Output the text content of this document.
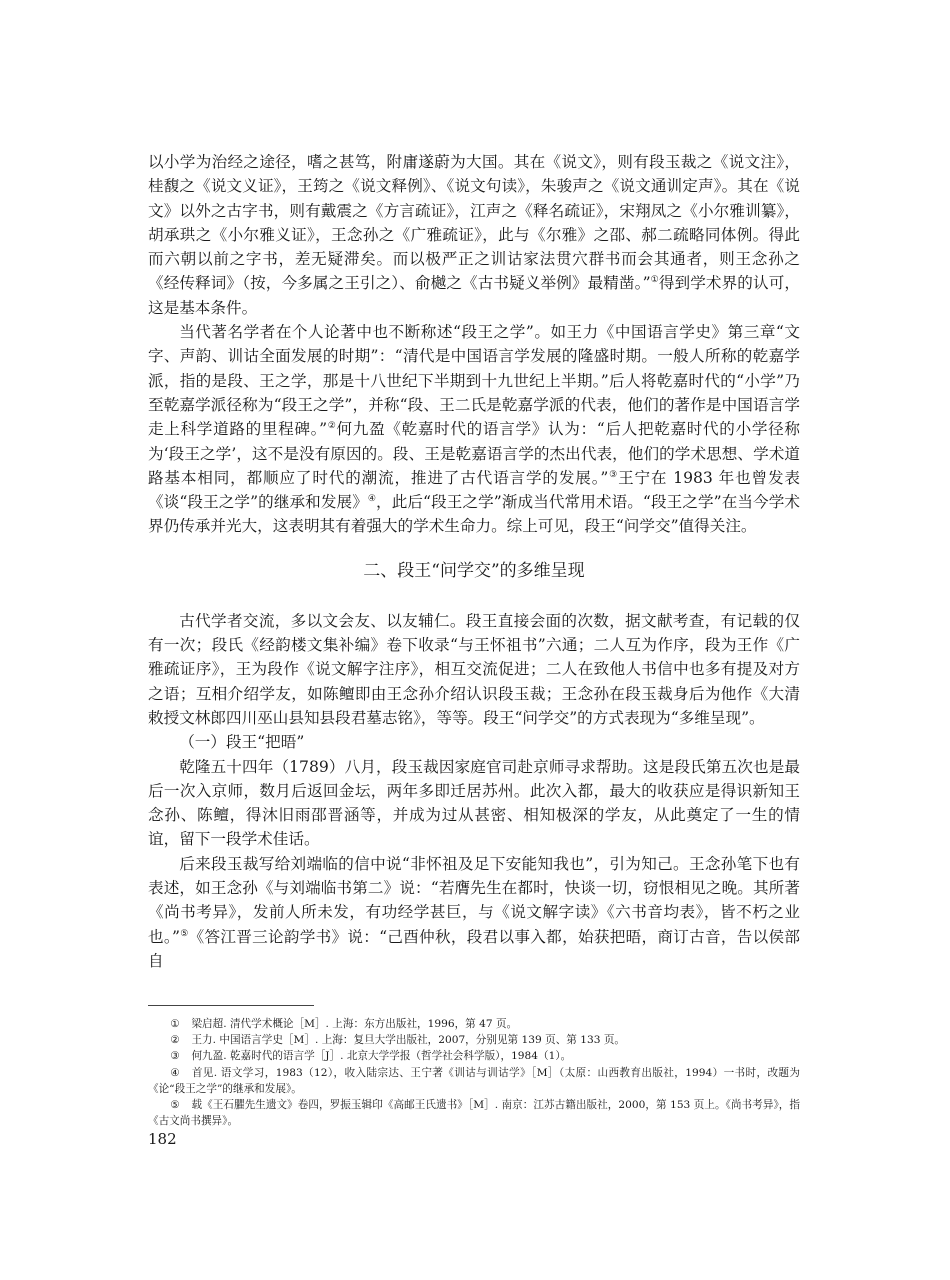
以小学为治经之途径，嗜之甚笃，附庸遂蔚为大国。其在《说文》，则有段玉裁之《说文注》，桂馥之《说文义证》，王筠之《说文释例》、《说文句读》，朱骏声之《说文通训定声》。其在《说文》以外之古字书，则有戴震之《方言疏证》，江声之《释名疏证》，宋翔凤之《小尔雅训纂》，胡承珙之《小尔雅义证》，王念孙之《广雅疏证》，此与《尔雅》之邵、郝二疏略同体例。得此而六朝以前之字书，差无疑滞矣。而以极严正之训诂家法贯穴群书而会其通者，则王念孙之《经传释词》（按，今多属之王引之）、俞樾之《古书疑义举例》最精凿。”①得到学术界的认可，这是基本条件。

当代著名学者在个人论著中也不断称述“段王之学”。如王力《中国语言学史》第三章“文字、声韵、训诂全面发展的时期”：“清代是中国语言学发展的隆盛时期。一般人所称的乾嘉学派，指的是段、王之学，那是十八世纪下半期到十九世纪上半期。”后人将乾嘉时代的“小学”乃至乾嘉学派径称为“段王之学”，并称“段、王二氏是乾嘉学派的代表，他们的著作是中国语言学走上科学道路的里程碑。”②何九盈《乾嘉时代的语言学》认为：“后人把乾嘉时代的小学径称为‘段王之学’，这不是没有原因的。段、王是乾嘉语言学的杰出代表，他们的学术思想、学术道路基本相同，都顺应了时代的潮流，推进了古代语言学的发展。”③王宁在 1983 年也曾发表《谈“段王之学”的继承和发展》④，此后“段王之学”渐成当代常用术语。“段王之学”在当今学术界仍传承并光大，这表明其有着强大的学术生命力。综上可见，段王“问学交”值得关注。

二、段王“问学交”的多维呈现

古代学者交流，多以文会友、以友辅仁。段王直接会面的次数，据文献考查，有记载的仅有一次；段氏《经韵楼文集补编》卷下收录“与王怀祖书”六通；二人互为作序，段为王作《广雅疏证序》，王为段作《说文解字注序》，相互交流促进；二人在致他人书信中也多有提及对方之语；互相介绍学友，如陈鳣即由王念孙介绍认识段玉裁；王念孙在段玉裁身后为他作《大清敕授文林郎四川巫山县知县段君墓志铭》，等等。段王“问学交”的方式表现为“多维呈现”。

（一）段王“把晤”

乾隆五十四年（1789）八月，段玉裁因家庭官司赴京师寻求帮助。这是段氏第五次也是最后一次入京师，数月后返回金坛，两年多即迁居苏州。此次入都，最大的收获应是得识新知王念孙、陈鳣，得沐旧雨邵晋涵等，并成为过从甚密、相知极深的学友，从此奠定了一生的情谊，留下一段学术佳话。

后来段玉裁写给刘端临的信中说“非怀祖及足下安能知我也”，引为知己。王念孙笔下也有表述，如王念孙《与刘端临书第二》说：“若膺先生在都时，快谈一切，窃恨相见之晚。其所著《尚书考异》，发前人所未发，有功经学甚巨，与《说文解字读》《六书音均表》，皆不朽之业也。”⑤《答江晋三论韵学书》说：“己酉仲秋，段君以事入都，始获把晤，商订古音，告以侯部自

① 梁启超. 清代学术概论［M］. 上海：东方出版社，1996，第 47 页。

② 王力. 中国语言学史［M］. 上海：复旦大学出版社，2007，分别见第 139 页、第 133 页。

③ 何九盈. 乾嘉时代的语言学［J］. 北京大学学报（哲学社会科学版），1984（1）。

④ 首见. 语文学习，1983（12），收入陆宗达、王宁著《训诂与训诂学》［M］（太原：山西教育出版社，1994）一书时，改题为《论“段王之学”的继承和发展》。

⑤ 载《王石臞先生遗文》卷四，罗振玉辑印《高邮王氏遗书》［M］. 南京：江苏古籍出版社，2000，第 153 页上。《尚书考异》，指《古文尚书撰异》。

182
